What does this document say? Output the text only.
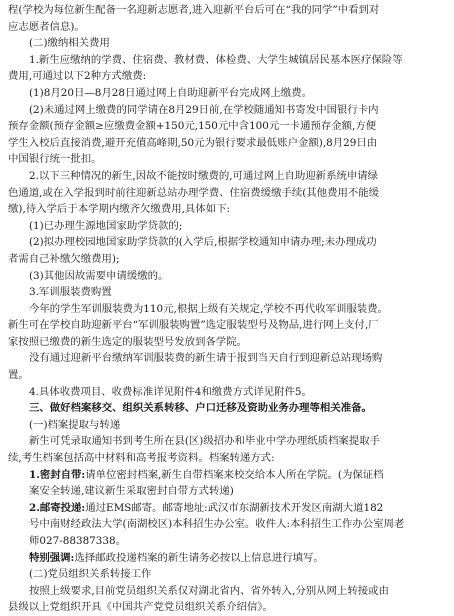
程(学校为每位新生配备一名迎新志愿者,进入迎新平台后可在“我的同学”中看到对
应志愿者信息)。
(二)缴纳相关费用
1.新生应缴纳的学费、住宿费、教材费、体检费、大学生城镇居民基本医疗保险等
费用,可通过以下2种方式缴费:
(1)8月20日—8月28日通过网上自助迎新平台完成网上缴费。
(2)未通过网上缴费的同学请在8月29日前,在学校随通知书寄发中国银行卡内
预存金额(预存金额≥应缴费金额+150元,150元中含100元一卡通预存金额,方便
学生入校后直接消费,避开充值高峰期,50元为银行要求最低账户金额),8月29日由
中国银行统一批扣。
2.以下三种情况的新生,因故不能按时缴费的,可通过网上自助迎新系统申请绿
色通道,或在入学报到时前往迎新总站办理学费、住宿费缓缴手续(其他费用不能缓
缴),待入学后于本学期内缴齐欠缴费用,具体如下:
(1)已办理生源地国家助学贷款的;
(2)拟办理校园地国家助学贷款的(入学后,根据学校通知申请办理;未办理成功
者需自己补缴欠缴费用);
(3)其他因故需要申请缓缴的。
3.军训服装费购置
今年的学生军训服装费为110元,根据上级有关规定,学校不再代收军训服装费。
新生可在学校自助迎新平台“军训服装购置”选定服装型号及物品,进行网上支付,厂
家按照已缴费的新生选定的服装型号发放到各学院。
没有通过迎新平台缴纳军训服装费的新生请于报到当天自行到迎新总站现场购
置。
4.具体收费项目、收费标准详见附件4和缴费方式详见附件5。
三、做好档案移交、组织关系转移、户口迁移及资助业务办理等相关准备。
(一)档案提取与转递
新生可凭录取通知书到考生所在县(区)级招办和毕业中学办理纸质档案提取手
续,考生档案包括高中材料和高考报考资料。档案转递方式:
1.密封自带:请单位密封档案,新生自带档案来校交给本人所在学院。(为保证档
案安全转递,建议新生采取密封自带方式转递)
2.邮寄投递:通过EMS邮寄。邮寄地址:武汉市东湖新技术开发区南湖大道182
号中南财经政法大学(南湖校区)本科招生办公室。收件人:本科招生工作办公室周老
师027-88387338。
特别强调:选择邮政投递档案的新生请务必按以上信息进行填写。
(二)党员组织关系转接工作
按照上级要求,目前党员组织关系仅对湖北省内、省外转入,分别从网上转接或由
县级以上党组织开具《中国共产党党员组织关系介绍信》。
